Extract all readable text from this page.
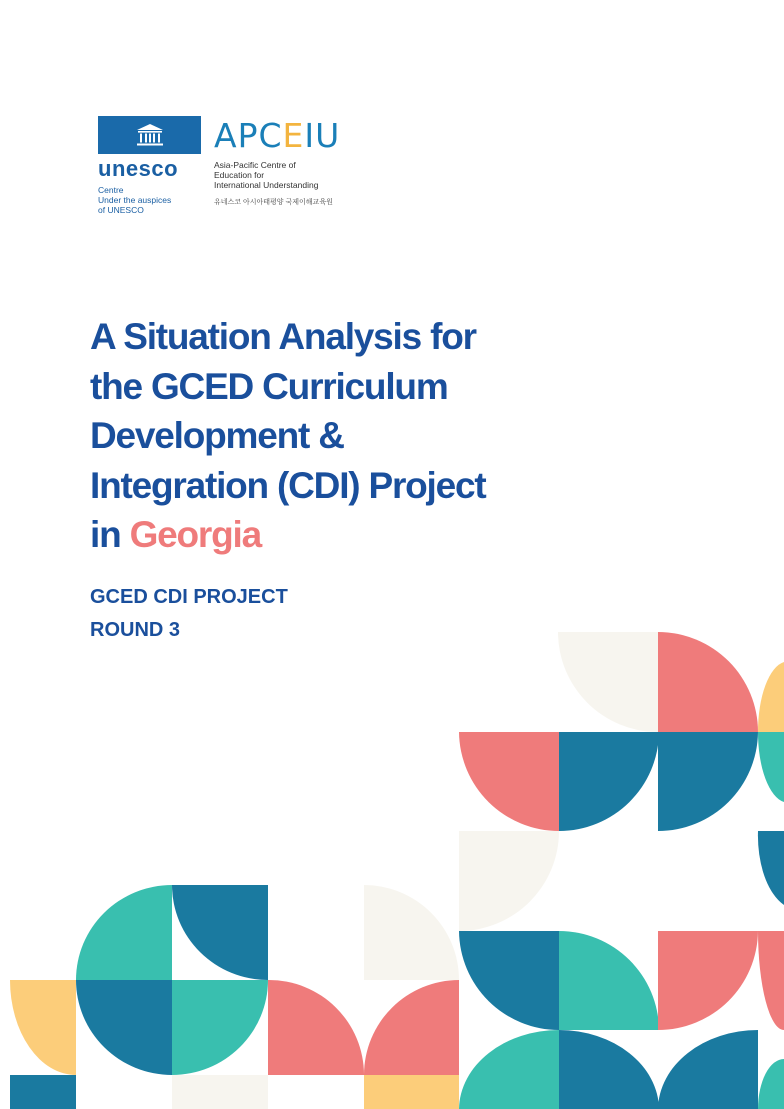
unesco
Centre
Under the auspices
of UNESCO
APCEIU
Asia-Pacific Centre of
Education for
International Understanding
유네스코 아시아태평양 국제이해교육원
A Situation Analysis for
the GCED Curriculum
Development &
Integration (CDI) Project
in Georgia
GCED CDI PROJECT
ROUND 3
